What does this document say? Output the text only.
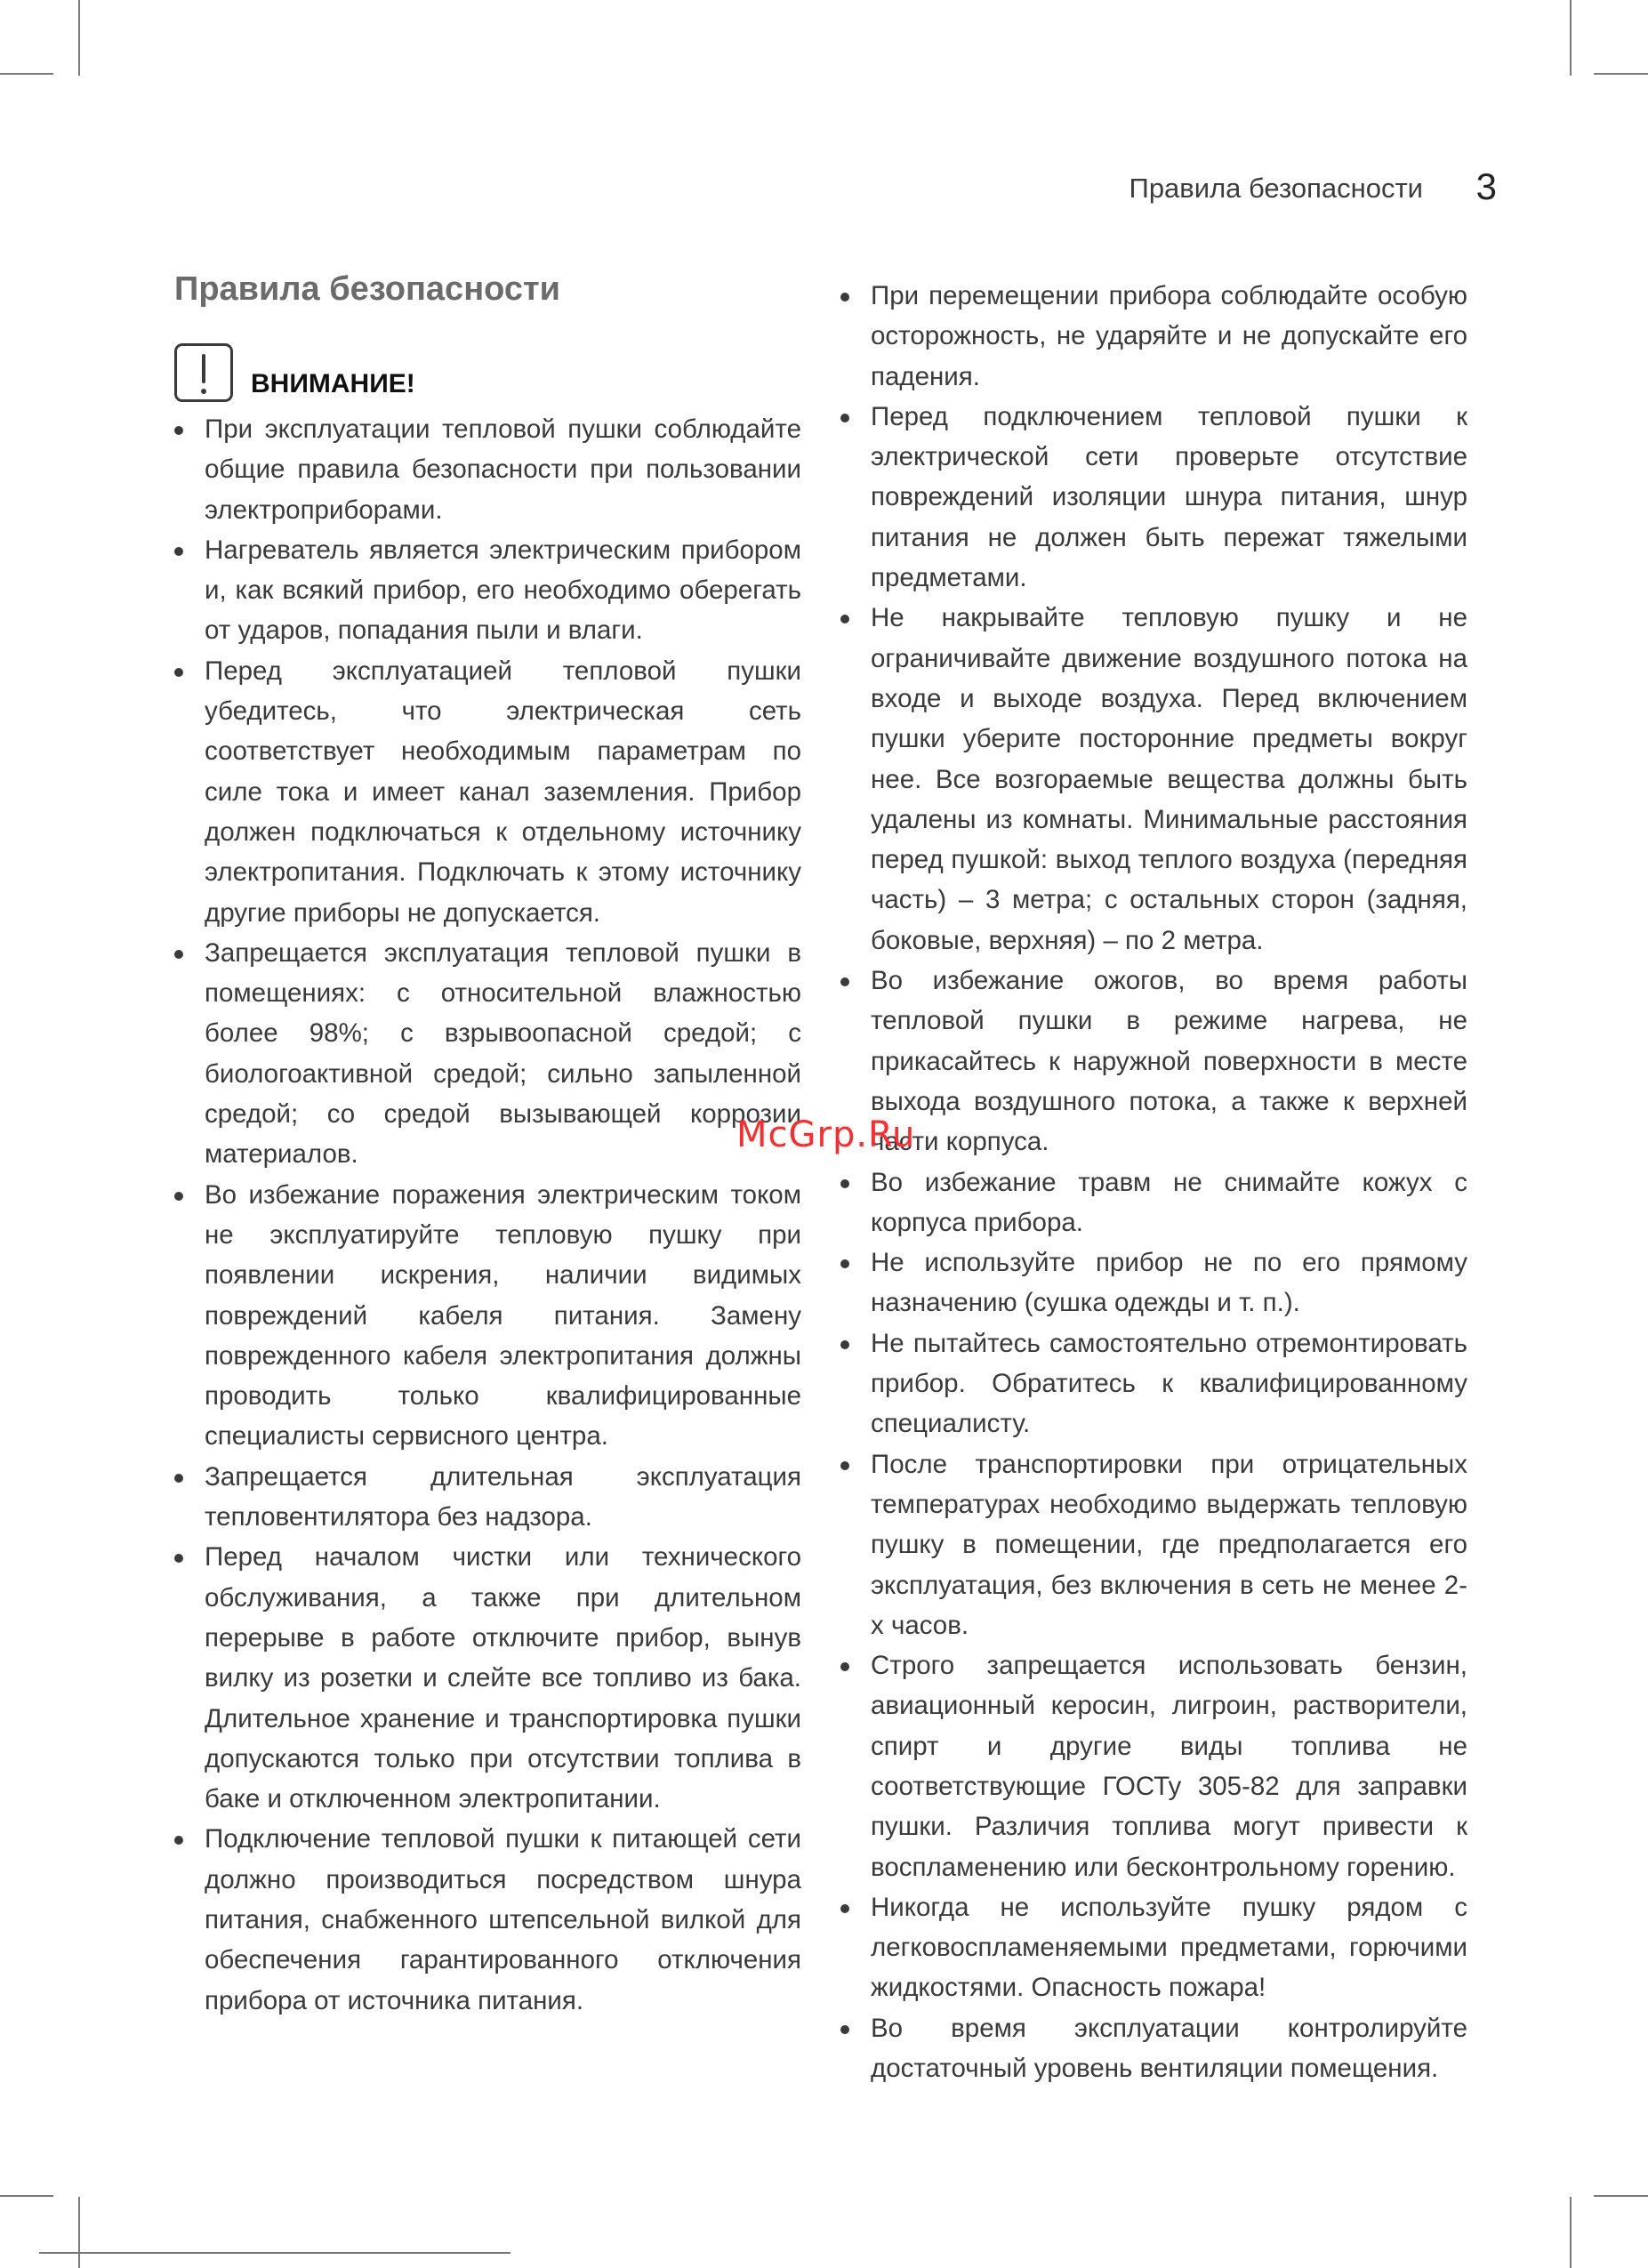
Правила безопасности 3
Правила безопасности
ВНИМАНИЕ!
При эксплуатации тепловой пушки соблюдайте общие правила безопасности при пользовании электроприборами.
Нагреватель является электрическим прибором и, как всякий прибор, его необходимо оберегать от ударов, попадания пыли и влаги.
Перед эксплуатацией тепловой пушки убедитесь, что электрическая сеть соответствует необходимым параметрам по силе тока и имеет канал заземления. Прибор должен подключаться к отдельному источнику электропитания. Подключать к этому источнику другие приборы не допускается.
Запрещается эксплуатация тепловой пушки в помещениях: с относительной влажностью более 98%; с взрывоопасной средой; с биологоактивной средой; сильно запыленной средой; со средой вызывающей коррозии материалов.
Во избежание поражения электрическим током не эксплуатируйте тепловую пушку при появлении искрения, наличии видимых повреждений кабеля питания. Замену поврежденного кабеля электропитания должны проводить только квалифицированные специалисты сервисного центра.
Запрещается длительная эксплуатация тепловентилятора без надзора.
Перед началом чистки или технического обслуживания, а также при длительном перерыве в работе отключите прибор, вынув вилку из розетки и слейте все топливо из бака. Длительное хранение и транспортировка пушки допускаются только при отсутствии топлива в баке и отключенном электропитании.
Подключение тепловой пушки к питающей сети должно производиться посредством шнура питания, снабженного штепсельной вилкой для обеспечения гарантированного отключения прибора от источника питания.
При перемещении прибора соблюдайте особую осторожность, не ударяйте и не допускайте его падения.
Перед подключением тепловой пушки к электрической сети проверьте отсутствие повреждений изоляции шнура питания, шнур питания не должен быть пережат тяжелыми предметами.
Не накрывайте тепловую пушку и не ограничивайте движение воздушного потока на входе и выходе воздуха. Перед включением пушки уберите посторонние предметы вокруг нее. Все возгораемые вещества должны быть удалены из комнаты. Минимальные расстояния перед пушкой: выход теплого воздуха (передняя часть) – 3 метра; с остальных сторон (задняя, боковые, верхняя) – по 2 метра.
Во избежание ожогов, во время работы тепловой пушки в режиме нагрева, не прикасайтесь к наружной поверхности в месте выхода воздушного потока, а также к верхней части корпуса.
Во избежание травм не снимайте кожух с корпуса прибора.
Не используйте прибор не по его прямому назначению (сушка одежды и т. п.).
Не пытайтесь самостоятельно отремонтировать прибор. Обратитесь к квалифицированному специалисту.
После транспортировки при отрицательных температурах необходимо выдержать тепловую пушку в помещении, где предполагается его эксплуатация, без включения в сеть не менее 2-х часов.
Строго запрещается использовать бензин, авиационный керосин, лигроин, растворители, спирт и другие виды топлива не соответствующие ГОСТу 305-82 для заправки пушки. Различия топлива могут привести к воспламенению или бесконтрольному горению.
Никогда не используйте пушку рядом с легковоспламеняемыми предметами, горючими жидкостями. Опасность пожара!
Во время эксплуатации контролируйте достаточный уровень вентиляции помещения.
McGrp.Ru
